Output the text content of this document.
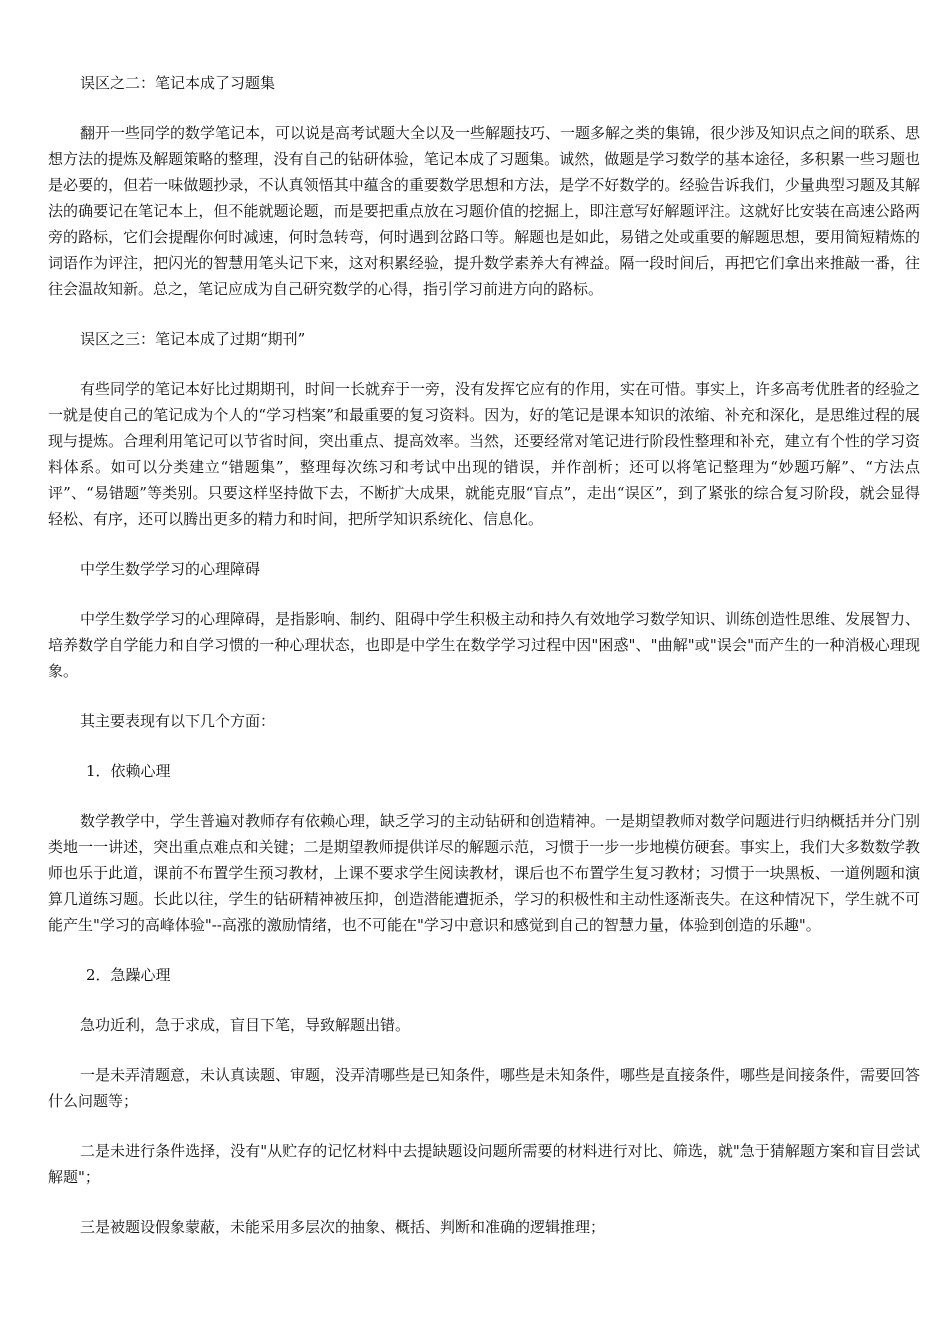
误区之二：笔记本成了习题集

翻开一些同学的数学笔记本，可以说是高考试题大全以及一些解题技巧、一题多解之类的集锦，很少涉及知识点之间的联系、思想方法的提炼及解题策略的整理，没有自己的钻研体验，笔记本成了习题集。诚然，做题是学习数学的基本途径，多积累一些习题也是必要的，但若一味做题抄录，不认真领悟其中蕴含的重要数学思想和方法，是学不好数学的。经验告诉我们，少量典型习题及其解法的确要记在笔记本上，但不能就题论题，而是要把重点放在习题价值的挖掘上，即注意写好解题评注。这就好比安装在高速公路两旁的路标，它们会提醒你何时减速，何时急转弯，何时遇到岔路口等。解题也是如此，易错之处或重要的解题思想，要用简短精炼的词语作为评注，把闪光的智慧用笔头记下来，这对积累经验，提升数学素养大有裨益。隔一段时间后，再把它们拿出来推敲一番，往往会温故知新。总之，笔记应成为自己研究数学的心得，指引学习前进方向的路标。

误区之三：笔记本成了过期“期刊”

有些同学的笔记本好比过期期刊，时间一长就弃于一旁，没有发挥它应有的作用，实在可惜。事实上，许多高考优胜者的经验之一就是使自己的笔记成为个人的“学习档案”和最重要的复习资料。因为，好的笔记是课本知识的浓缩、补充和深化，是思维过程的展现与提炼。合理利用笔记可以节省时间，突出重点、提高效率。当然，还要经常对笔记进行阶段性整理和补充，建立有个性的学习资料体系。如可以分类建立“错题集”，整理每次练习和考试中出现的错误，并作剖析；还可以将笔记整理为“妙题巧解”、“方法点评”、“易错题”等类别。只要这样坚持做下去，不断扩大成果，就能克服“盲点”，走出“误区”，到了紧张的综合复习阶段，就会显得轻松、有序，还可以腾出更多的精力和时间，把所学知识系统化、信息化。

中学生数学学习的心理障碍

中学生数学学习的心理障碍，是指影响、制约、阻碍中学生积极主动和持久有效地学习数学知识、训练创造性思维、发展智力、培养数学自学能力和自学习惯的一种心理状态，也即是中学生在数学学习过程中因"困惑"、"曲解"或"误会"而产生的一种消极心理现象。

其主要表现有以下几个方面：

1．依赖心理

数学教学中，学生普遍对教师存有依赖心理，缺乏学习的主动钻研和创造精神。一是期望教师对数学问题进行归纳概括并分门别类地一一讲述，突出重点难点和关键；二是期望教师提供详尽的解题示范，习惯于一步一步地模仿硬套。事实上，我们大多数数学教师也乐于此道，课前不布置学生预习教材，上课不要求学生阅读教材，课后也不布置学生复习教材；习惯于一块黑板、一道例题和演算几道练习题。长此以往，学生的钻研精神被压抑，创造潜能遭扼杀，学习的积极性和主动性逐渐丧失。在这种情况下，学生就不可能产生"学习的高峰体验"--高涨的激励情绪，也不可能在"学习中意识和感觉到自己的智慧力量，体验到创造的乐趣"。

2．急躁心理

急功近利，急于求成，盲目下笔，导致解题出错。

一是未弄清题意，未认真读题、审题，没弄清哪些是已知条件，哪些是未知条件，哪些是直接条件，哪些是间接条件，需要回答什么问题等；

二是未进行条件选择，没有"从贮存的记忆材料中去提缺题设问题所需要的材料进行对比、筛选，就"急于猜解题方案和盲目尝试解题"；

三是被题设假象蒙蔽，未能采用多层次的抽象、概括、判断和准确的逻辑推理；
